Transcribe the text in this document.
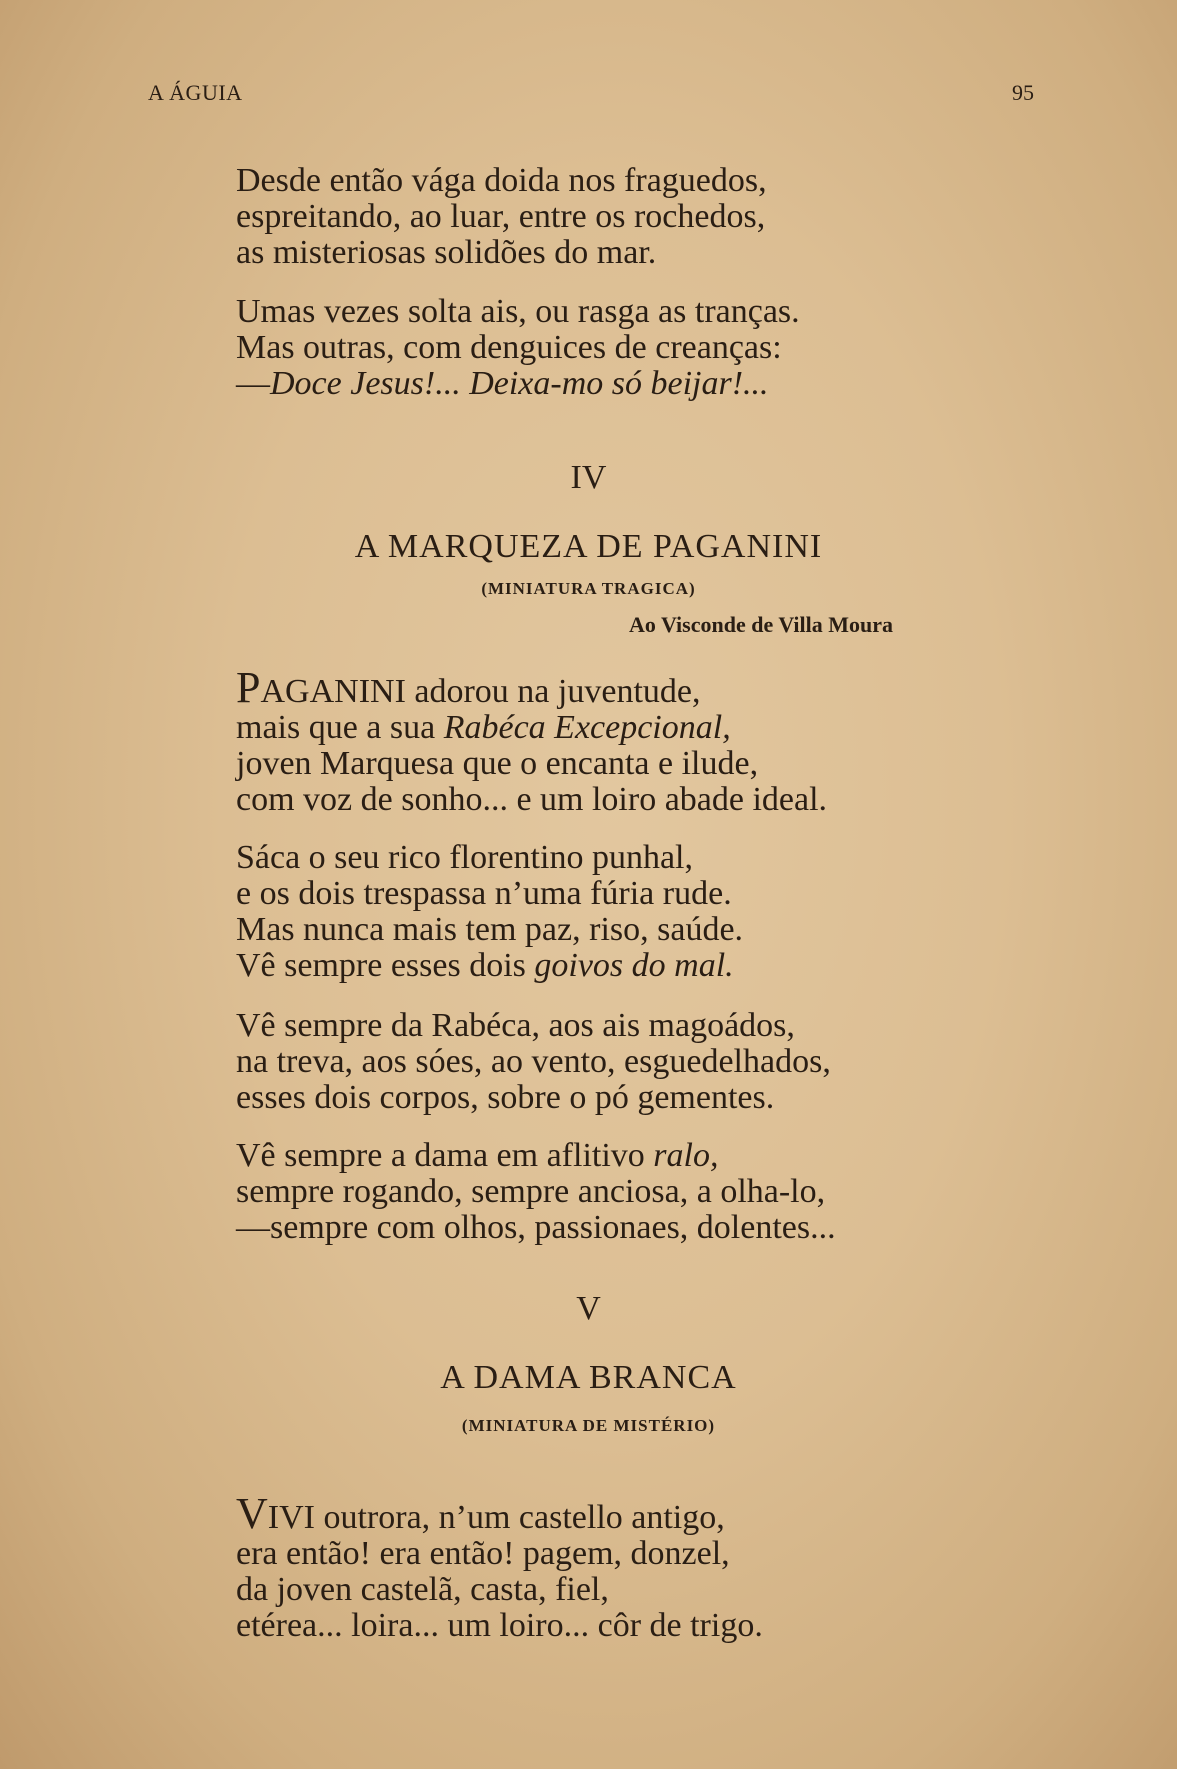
A ÁGUIA	95
Desde então vága doida nos fraguedos,
espreitando, ao luar, entre os rochedos,
as misteriosas solidões do mar.
Umas vezes solta ais, ou rasga as tranças.
Mas outras, com denguices de creanças:
—Doce Jesus!... Deixa-mo só beijar!...
IV
A MARQUEZA DE PAGANINI
(MINIATURA TRAGICA)
Ao Visconde de Villa Moura
PAGANINI adorou na juventude,
mais que a sua Rabéca Excepcional,
joven Marquesa que o encanta e ilude,
com voz de sonho... e um loiro abade ideal.
Sáca o seu rico florentino punhal,
e os dois trespassa n’uma fúria rude.
Mas nunca mais tem paz, riso, saúde.
Vê sempre esses dois goivos do mal.
Vê sempre da Rabéca, aos ais magoádos,
na treva, aos sóes, ao vento, esguedelhados,
esses dois corpos, sobre o pó gementes.
Vê sempre a dama em aflitivo ralo,
sempre rogando, sempre anciosa, a olha-lo,
—sempre com olhos, passionaes, dolentes...
V
A DAMA BRANCA
(MINIATURA DE MISTÉRIO)
VIVI outrora, n’um castello antigo,
era então! era então! pagem, donzel,
da joven castelã, casta, fiel,
etérea... loira... um loiro... côr de trigo.
